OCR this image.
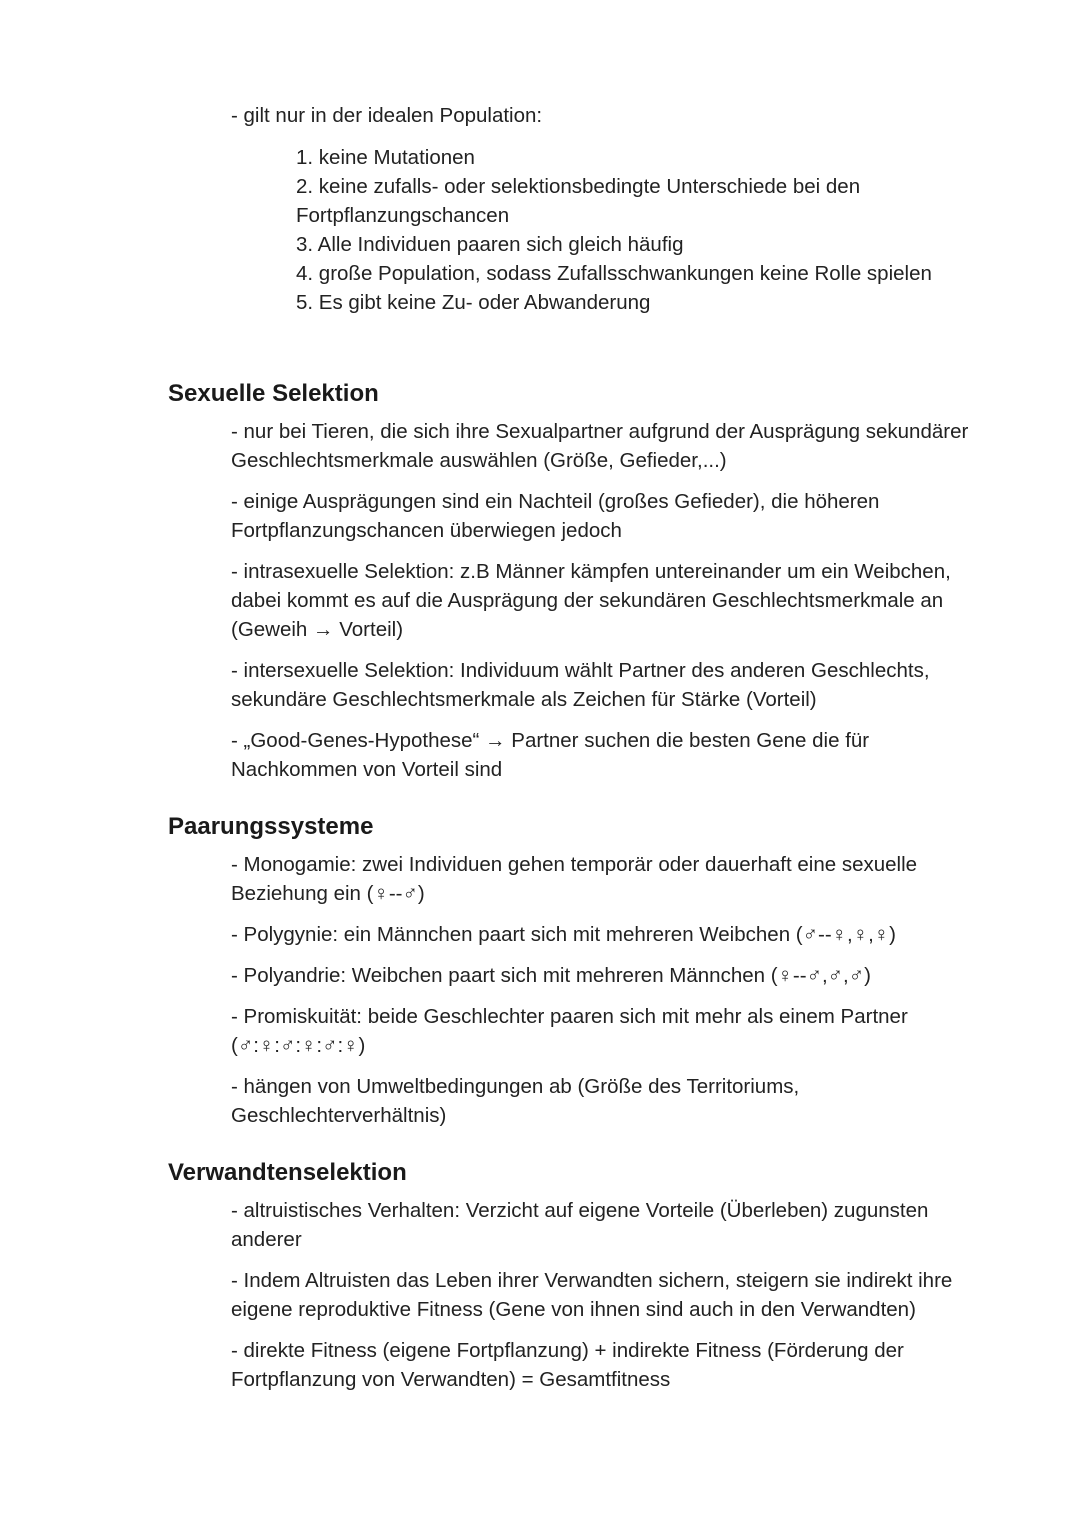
- gilt nur in der idealen Population:

1. keine Mutationen
2. keine zufalls- oder selektionsbedingte Unterschiede bei den Fortpflanzungschancen
3. Alle Individuen paaren sich gleich häufig
4. große Population, sodass Zufallsschwankungen keine Rolle spielen
5. Es gibt keine Zu- oder Abwanderung
Sexuelle Selektion

- nur bei Tieren, die sich ihre Sexualpartner aufgrund der Ausprägung sekundärer Geschlechtsmerkmale auswählen (Größe, Gefieder,...)

- einige Ausprägungen sind ein Nachteil (großes Gefieder), die höheren Fortpflanzungschancen überwiegen jedoch

- intrasexuelle Selektion: z.B Männer kämpfen untereinander um ein Weibchen, dabei kommt es auf die Ausprägung der sekundären Geschlechtsmerkmale an (Geweih → Vorteil)

- intersexuelle Selektion: Individuum wählt Partner des anderen Geschlechts, sekundäre Geschlechtsmerkmale als Zeichen für Stärke (Vorteil)

- „Good-Genes-Hypothese“ → Partner suchen die besten Gene die für Nachkommen von Vorteil sind

Paarungssysteme

- Monogamie: zwei Individuen gehen temporär oder dauerhaft eine sexuelle Beziehung ein (♀--♂)

- Polygynie: ein Männchen paart sich mit mehreren Weibchen (♂--♀,♀,♀)

- Polyandrie: Weibchen paart sich mit mehreren Männchen (♀--♂,♂,♂)

- Promiskuität: beide Geschlechter paaren sich mit mehr als einem Partner (♂:♀:♂:♀:♂:♀)

- hängen von Umweltbedingungen ab (Größe des Territoriums, Geschlechterverhältnis)

Verwandtenselektion

- altruistisches Verhalten: Verzicht auf eigene Vorteile (Überleben) zugunsten anderer

- Indem Altruisten das Leben ihrer Verwandten sichern, steigern sie indirekt ihre eigene reproduktive Fitness (Gene von ihnen sind auch in den Verwandten)

- direkte Fitness (eigene Fortpflanzung) + indirekte Fitness (Förderung der Fortpflanzung von Verwandten) = Gesamtfitness
